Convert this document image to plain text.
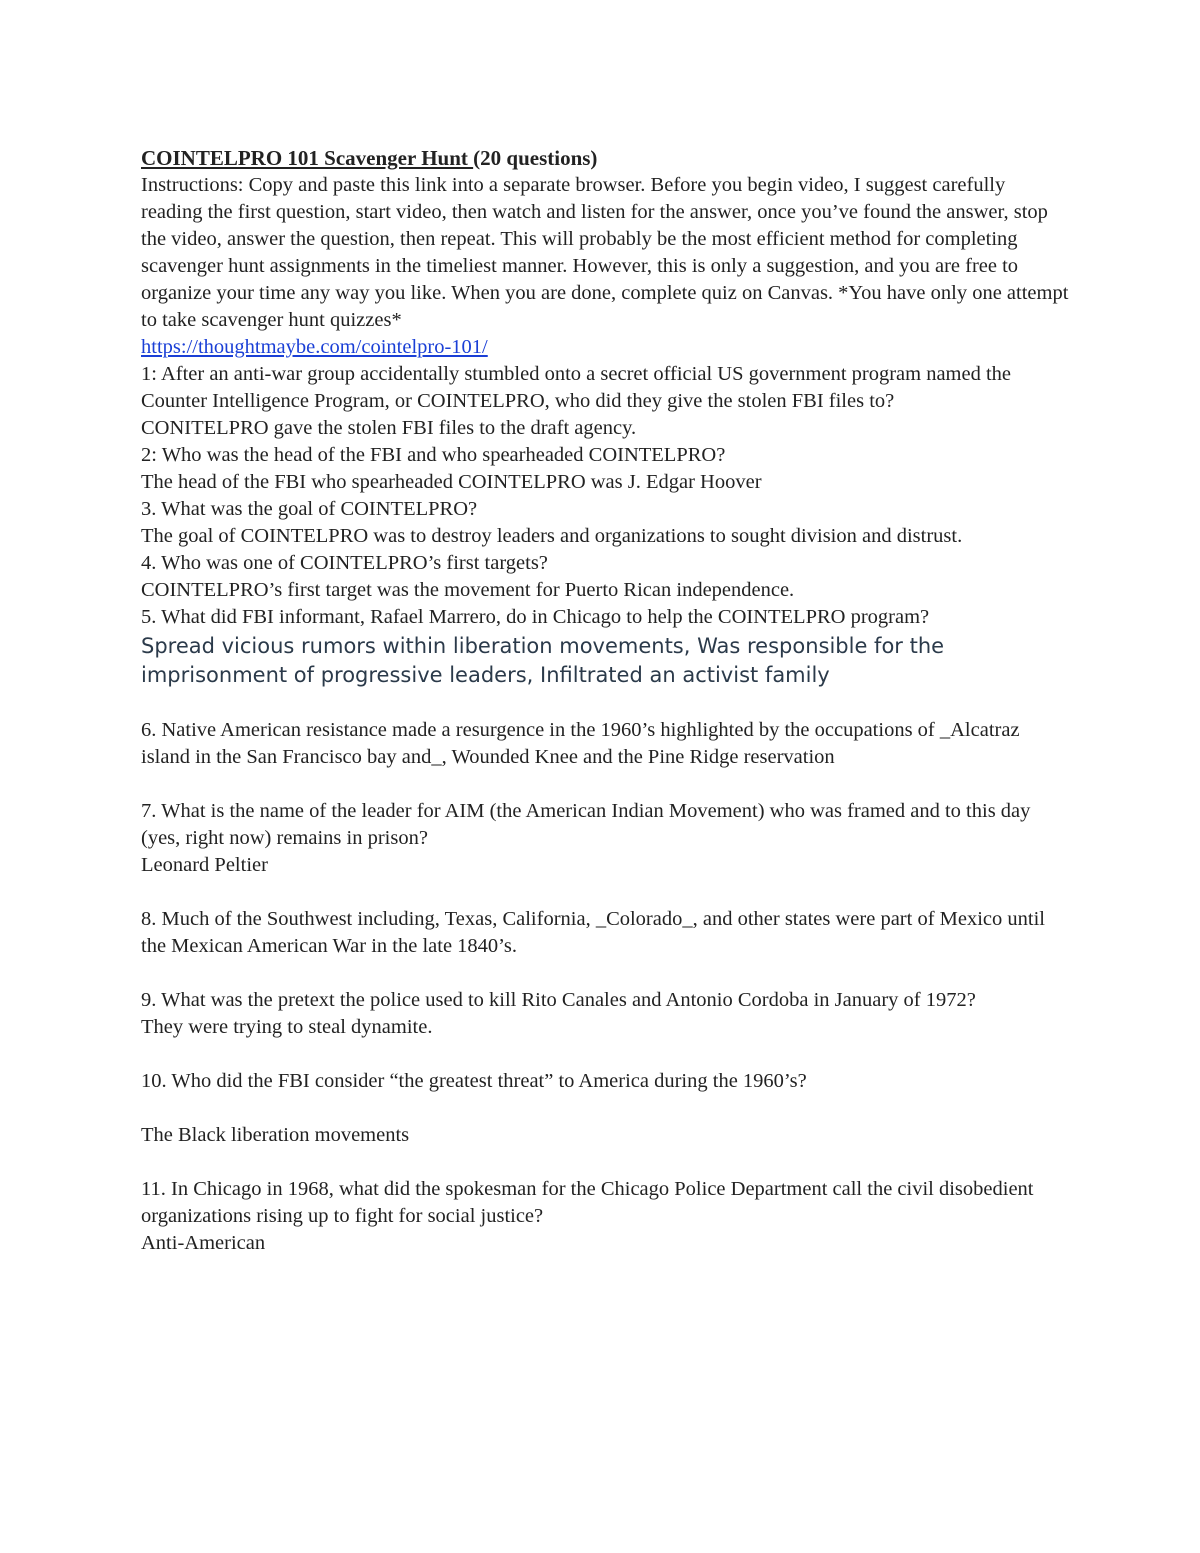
COINTELPRO 101 Scavenger Hunt (20 questions)

Instructions: Copy and paste this link into a separate browser. Before you begin video, I suggest carefully reading the first question, start video, then watch and listen for the answer, once you’ve found the answer, stop the video, answer the question, then repeat. This will probably be the most efficient method for completing scavenger hunt assignments in the timeliest manner. However, this is only a suggestion, and you are free to organize your time any way you like. When you are done, complete quiz on Canvas. *You have only one attempt to take scavenger hunt quizzes*

https://thoughtmaybe.com/cointelpro-101/

1: After an anti-war group accidentally stumbled onto a secret official US government program named the Counter Intelligence Program, or COINTELPRO, who did they give the stolen FBI files to?

CONITELPRO gave the stolen FBI files to the draft agency.

2: Who was the head of the FBI and who spearheaded COINTELPRO?

The head of the FBI who spearheaded COINTELPRO was J. Edgar Hoover

3. What was the goal of COINTELPRO?

The goal of COINTELPRO was to destroy leaders and organizations to sought division and distrust.

4. Who was one of COINTELPRO’s first targets?

COINTELPRO’s first target was the movement for Puerto Rican independence.

5. What did FBI informant, Rafael Marrero, do in Chicago to help the COINTELPRO program?

Spread vicious rumors within liberation movements, Was responsible for the imprisonment of progressive leaders, Infiltrated an activist family

6. Native American resistance made a resurgence in the 1960’s highlighted by the occupations of _Alcatraz island in the San Francisco bay and_, Wounded Knee and the Pine Ridge reservation

7. What is the name of the leader for AIM (the American Indian Movement) who was framed and to this day (yes, right now) remains in prison?

Leonard Peltier

8. Much of the Southwest including, Texas, California, _Colorado_, and other states were part of Mexico until the Mexican American War in the late 1840’s.

9. What was the pretext the police used to kill Rito Canales and Antonio Cordoba in January of 1972?

They were trying to steal dynamite.

10. Who did the FBI consider “the greatest threat” to America during the 1960’s?

The Black liberation movements

11. In Chicago in 1968, what did the spokesman for the Chicago Police Department call the civil disobedient organizations rising up to fight for social justice?

Anti-American
